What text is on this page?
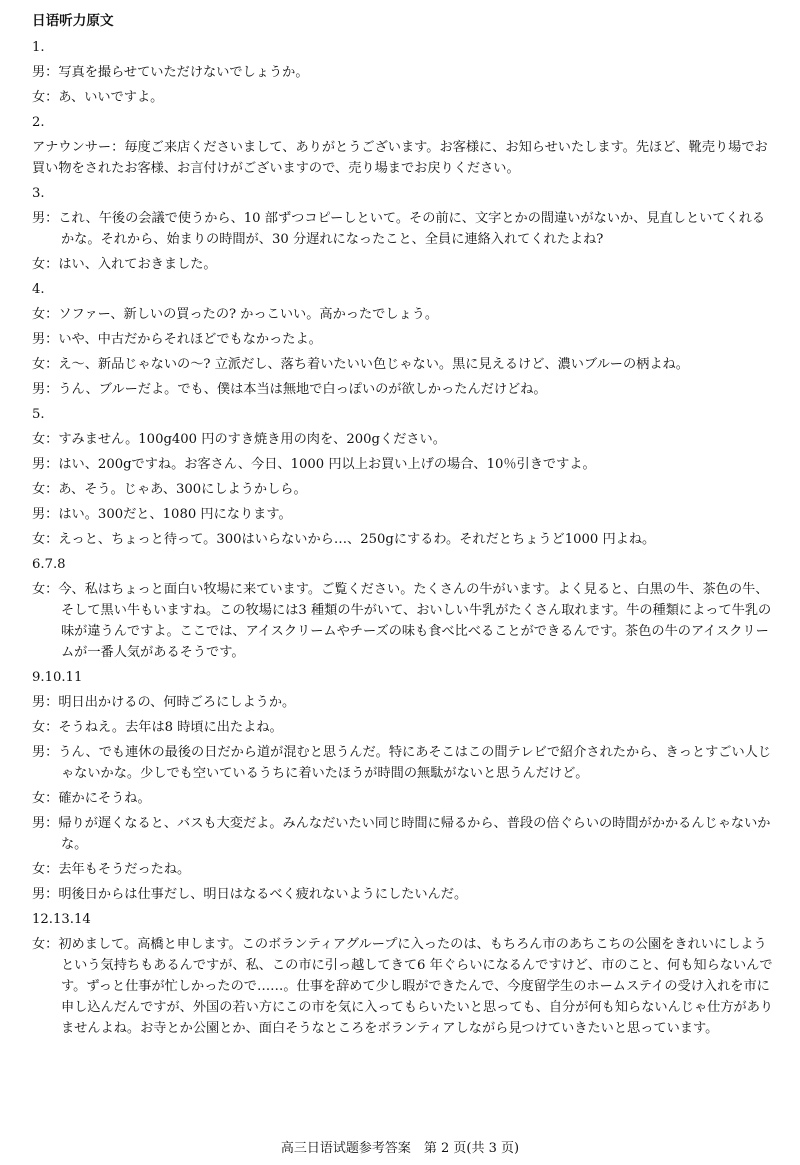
日语听力原文
1.
男：写真を撮らせていただけないでしょうか。
女：あ、いいですよ。
2.
アナウンサー：毎度ご来店くださいまして、ありがとうございます。お客様に、お知らせいたします。先ほど、靴売り場でお買い物をされたお客様、お言付けがございますので、売り場までお戻りください。
3.
男：これ、午後の会議で使うから、10 部ずつコピーしといて。その前に、文字とかの間違いがないか、見直しといてくれるかな。それから、始まりの時間が、30 分遅れになったこと、全員に連絡入れてくれたよね?
女：はい、入れておきました。
4.
女：ソファー、新しいの買ったの? かっこいい。高かったでしょう。
男：いや、中古だからそれほどでもなかったよ。
女：え～、新品じゃないの～? 立派だし、落ち着いたいい色じゃない。黒に見えるけど、濃いブルーの柄よね。
男：うん、ブルーだよ。でも、僕は本当は無地で白っぽいのが欲しかったんだけどね。
5.
女：すみません。100g400 円のすき焼き用の肉を、200gください。
男：はい、200gですね。お客さん、今日、1000 円以上お買い上げの場合、10％引きですよ。
女：あ、そう。じゃあ、300にしようかしら。
男：はい。300だと、1080 円になります。
女：えっと、ちょっと待って。300はいらないから…、250gにするわ。それだとちょうど1000 円よね。
6.7.8
女：今、私はちょっと面白い牧場に来ています。ご覧ください。たくさんの牛がいます。よく見ると、白黒の牛、茶色の牛、そして黒い牛もいますね。この牧場には3 種類の牛がいて、おいしい牛乳がたくさん取れます。牛の種類によって牛乳の味が違うんですよ。ここでは、アイスクリームやチーズの味も食べ比べることができるんです。茶色の牛のアイスクリームが一番人気があるそうです。
9.10.11
男：明日出かけるの、何時ごろにしようか。
女：そうねえ。去年は8 時頃に出たよね。
男：うん、でも連休の最後の日だから道が混むと思うんだ。特にあそこはこの間テレビで紹介されたから、きっとすごい人じゃないかな。少しでも空いているうちに着いたほうが時間の無駄がないと思うんだけど。
女：確かにそうね。
男：帰りが遅くなると、バスも大変だよ。みんなだいたい同じ時間に帰るから、普段の倍ぐらいの時間がかかるんじゃないかな。
女：去年もそうだったね。
男：明後日からは仕事だし、明日はなるべく疲れないようにしたいんだ。
12.13.14
女：初めまして。高橋と申します。このボランティアグループに入ったのは、もちろん市のあちこちの公園をきれいにしようという気持ちもあるんですが、私、この市に引っ越してきて6 年ぐらいになるんですけど、市のこと、何も知らないんです。ずっと仕事が忙しかったので……。仕事を辞めて少し暇ができたんで、今度留学生のホームステイの受け入れを市に申し込んだんですが、外国の若い方にこの市を気に入ってもらいたいと思っても、自分が何も知らないんじゃ仕方がありませんよね。お寺とか公園とか、面白そうなところをボランティアしながら見つけていきたいと思っています。
高三日语试题参考答案　第 2 页(共 3 页)
